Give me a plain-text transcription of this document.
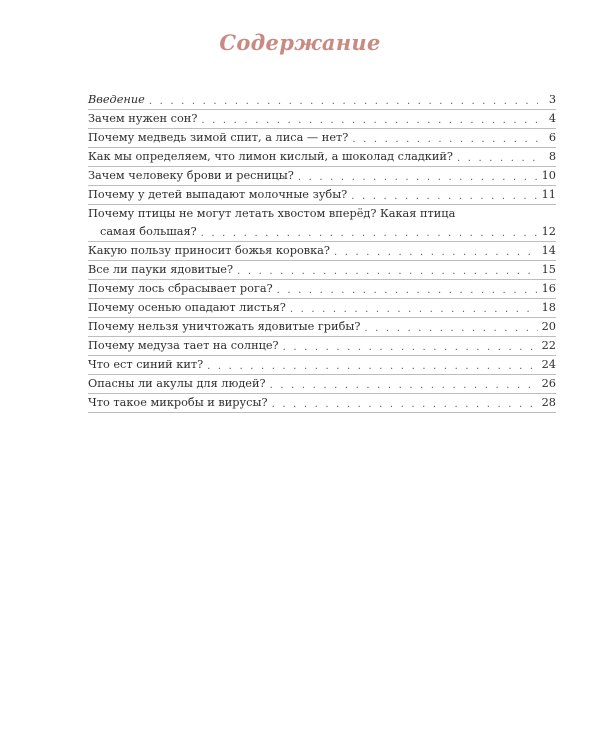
Содержание
Введение . . .	3
Зачем нужен сон? . . .	4
Почему медведь зимой спит, а лиса — нет? . . .	6
Как мы определяем, что лимон кислый, а шоколад сладкий? . . .	8
Зачем человеку брови и ресницы? . . .	10
Почему у детей выпадают молочные зубы? . . .	11
Почему птицы не могут летать хвостом вперёд? Какая птица
самая большая? . . .	12
Какую пользу приносит божья коровка? . . .	14
Все ли пауки ядовитые? . . .	15
Почему лось сбрасывает рога? . . .	16
Почему осенью опадают листья? . . .	18
Почему нельзя уничтожать ядовитые грибы? . . .	20
Почему медуза тает на солнце? . . .	22
Что ест синий кит? . . .	24
Опасны ли акулы для людей? . . .	26
Что такое микробы и вирусы? . . .	28
